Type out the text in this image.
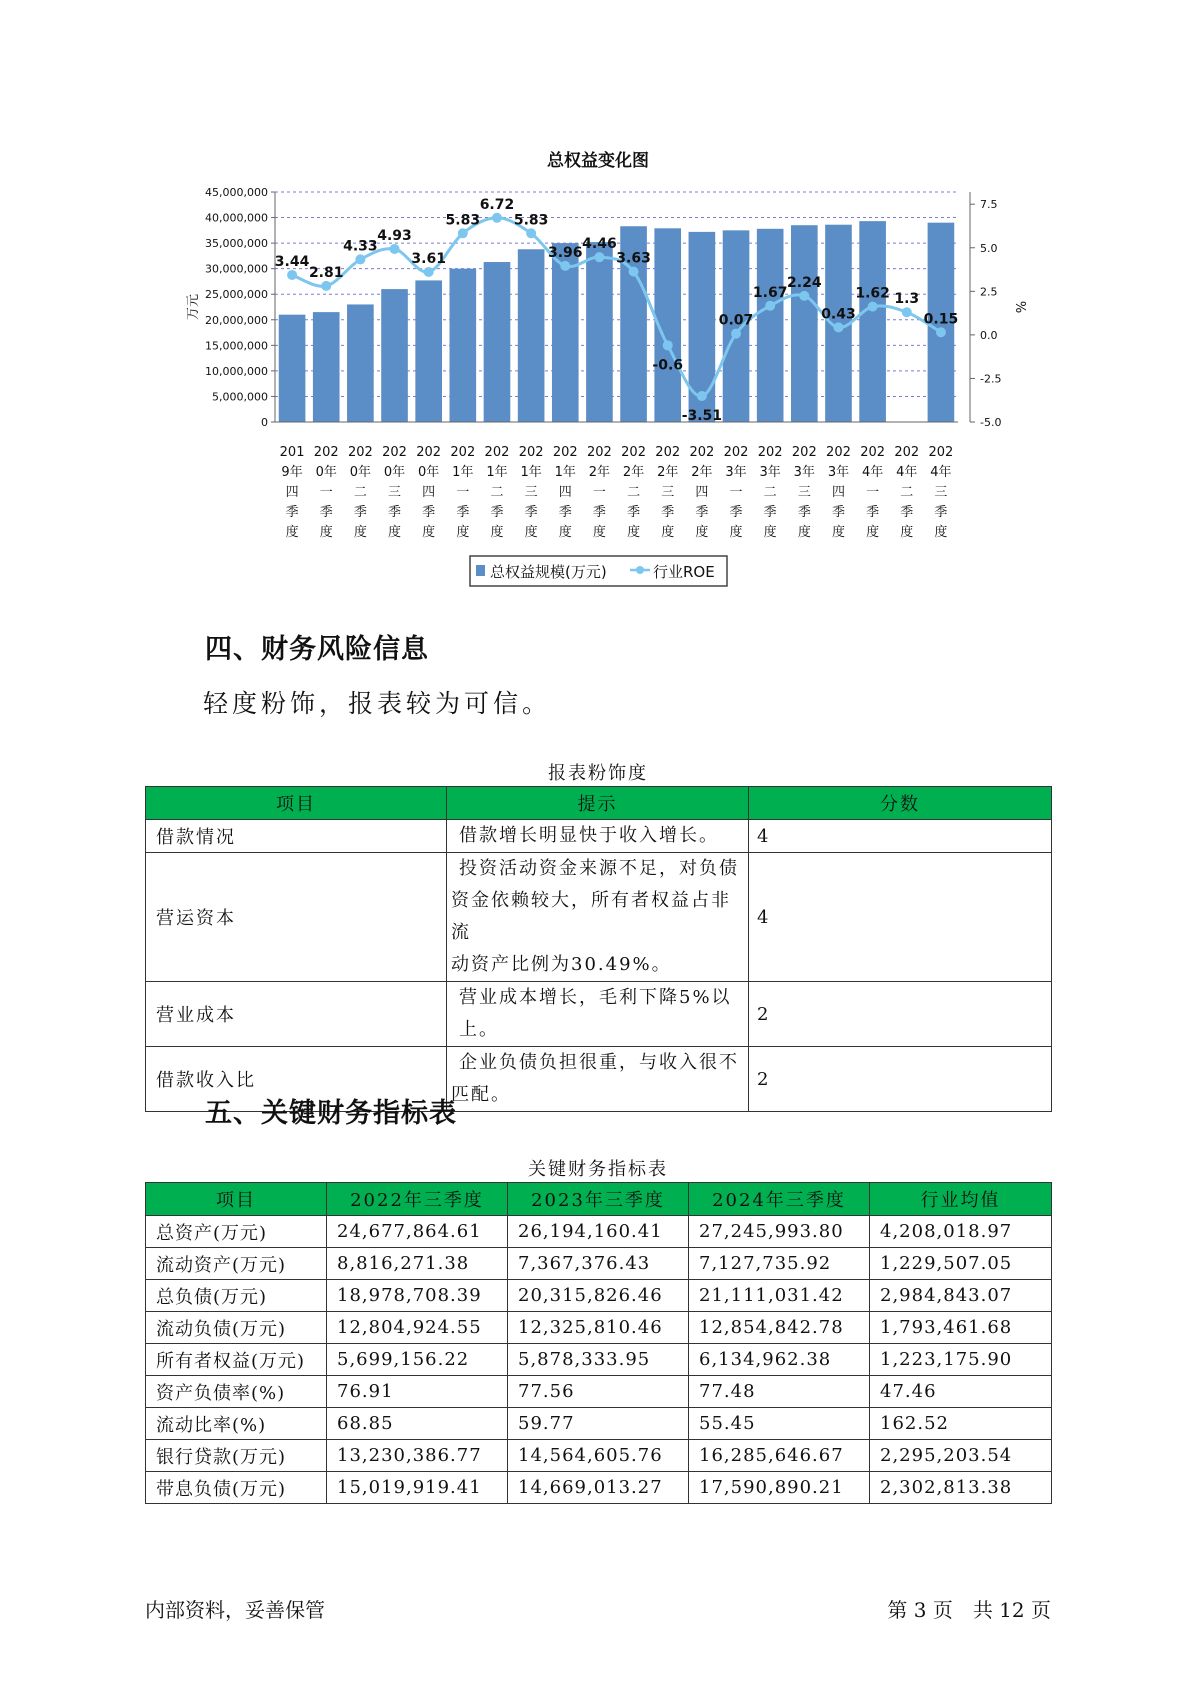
总权益变化图
0
5,000,000
10,000,000
15,000,000
20,000,000
25,000,000
30,000,000
35,000,000
40,000,000
45,000,000
-5.0
-2.5
0.0
2.5
5.0
7.5
3.44
2.81
4.33
4.93
3.61
5.83
6.72
5.83
3.96
4.46
3.63
-0.6
-3.51
0.07
1.67
2.24
0.43
1.62 1.3
0.15
201 9年四季度
202 0年一季度
202 0年二季度
202 0年三季度
202 0年四季度
202 1年一季度
202 1年二季度
202 1年三季度
202 1年四季度
202 2年一季度
202 2年二季度
202 2年三季度
202 2年四季度
202 3年一季度
202 3年二季度
202 3年三季度
202 3年四季度
202 4年一季度
202 4年二季度
202 4年三季度
万元	%
总权益规模(万元)	行业ROE
四、财务风险信息

轻度粉饰，报表较为可信。

报表粉饰度
项目	提示	分数
借款情况	借款增长明显快于收入增长。	4
营运资本	投资活动资金来源不足，对负债
资金依赖较大，所有者权益占非流
动资产比例为30.49%。	4
营业成本	营业成本增长，毛利下降5%以上。	2
借款收入比	企业负债负担很重，与收入很不
匹配。	2
五、关键财务指标表
关键财务指标表
项目	2022年三季度	2023年三季度	2024年三季度	行业均值
总资产(万元)	24,677,864.61	26,194,160.41	27,245,993.80	4,208,018.97
流动资产(万元)	8,816,271.38	7,367,376.43	7,127,735.92	1,229,507.05
总负债(万元)	18,978,708.39	20,315,826.46	21,111,031.42	2,984,843.07
流动负债(万元)	12,804,924.55	12,325,810.46	12,854,842.78	1,793,461.68
所有者权益(万元)	5,699,156.22	5,878,333.95	6,134,962.38	1,223,175.90
资产负债率(%)	76.91	77.56	77.48	47.46
流动比率(%)	68.85	59.77	55.45	162.52
银行贷款(万元)	13,230,386.77	14,564,605.76	16,285,646.67	2,295,203.54
带息负债(万元)	15,019,919.41	14,669,013.27	17,590,890.21	2,302,813.38
内部资料，妥善保管	第 3 页　共 12 页
